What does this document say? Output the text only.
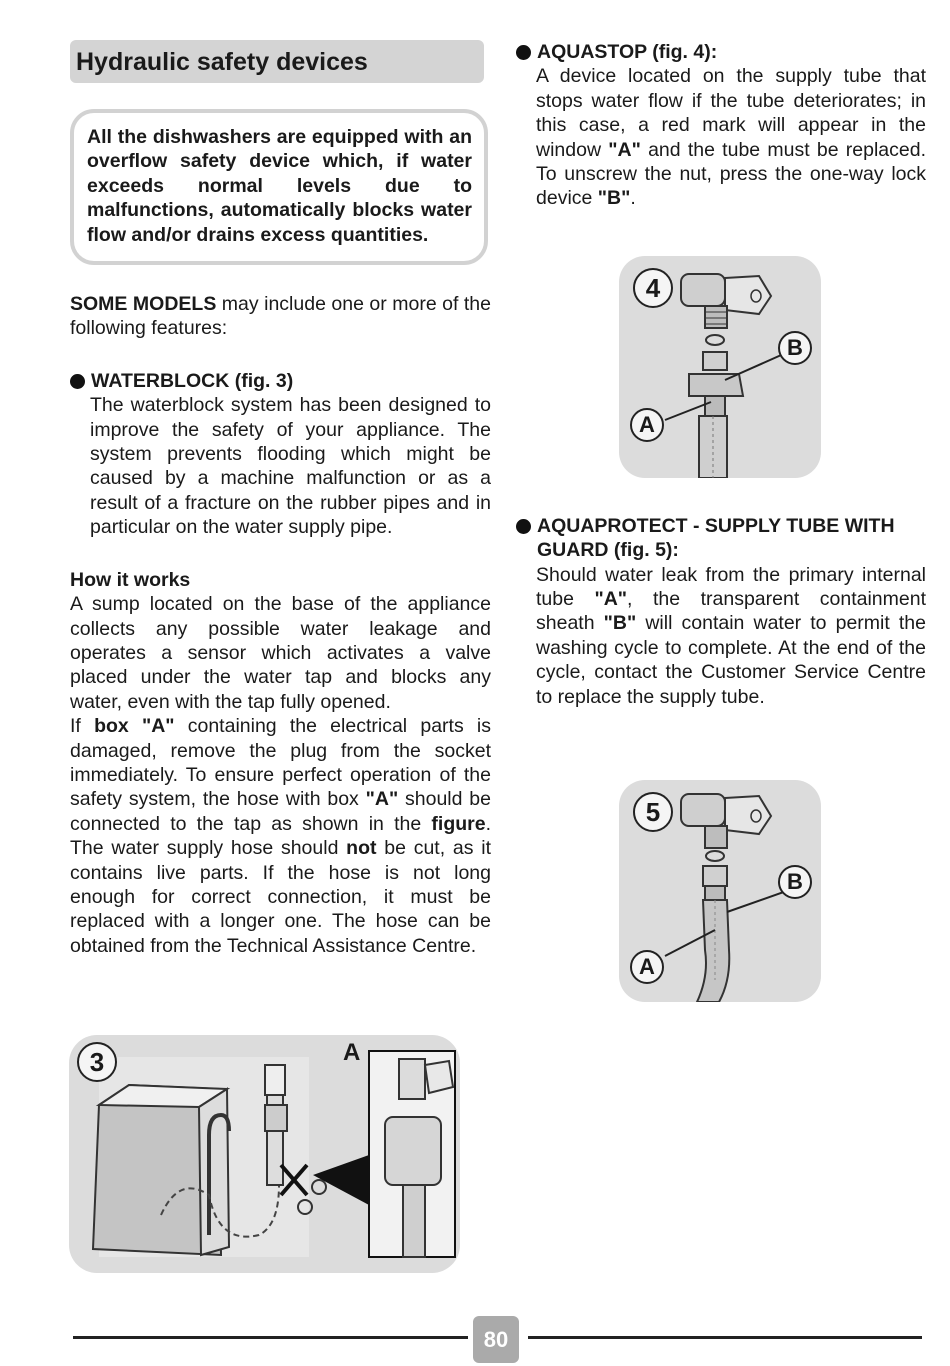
Hydraulic safety devices

All the dishwashers are equipped with an overflow safety device which, if water exceeds normal levels due to malfunctions, automatically blocks water flow and/or drains excess quantities.

SOME MODELS may include one or more of the following features:

WATERBLOCK (fig. 3)

The waterblock system has been designed to improve the safety of your appliance. The system prevents flooding which might be caused by a machine malfunction or as a result of a fracture on the rubber pipes and in particular on the water supply pipe.

How it works

A sump located on the base of the appliance collects any possible water leakage and operates a sensor which activates a valve placed under the water tap and blocks any water, even with the tap fully opened.

If box "A" containing the electrical parts is damaged, remove the plug from the socket immediately. To ensure perfect operation of the safety system, the hose with box "A" should be connected to the tap as shown in the figure. The water supply hose should not be cut, as it contains live parts. If the hose is not long enough for correct connection, it must be replaced with a longer one. The hose can be obtained from the Technical Assistance Centre.

AQUASTOP (fig. 4):

A device located on the supply tube that stops water flow if the tube deteriorates; in this case, a red mark will appear in the window "A" and the tube must be replaced. To unscrew the nut, press the one-way lock device "B".

AQUAPROTECT - SUPPLY TUBE WITH GUARD (fig. 5):

Should water leak from the primary internal tube "A", the transparent containment sheath "B" will contain water to permit the washing cycle to complete. At the end of the cycle, contact the Customer Service Centre to replace the supply tube.

4
B
A
5
B
A
3	A
80
